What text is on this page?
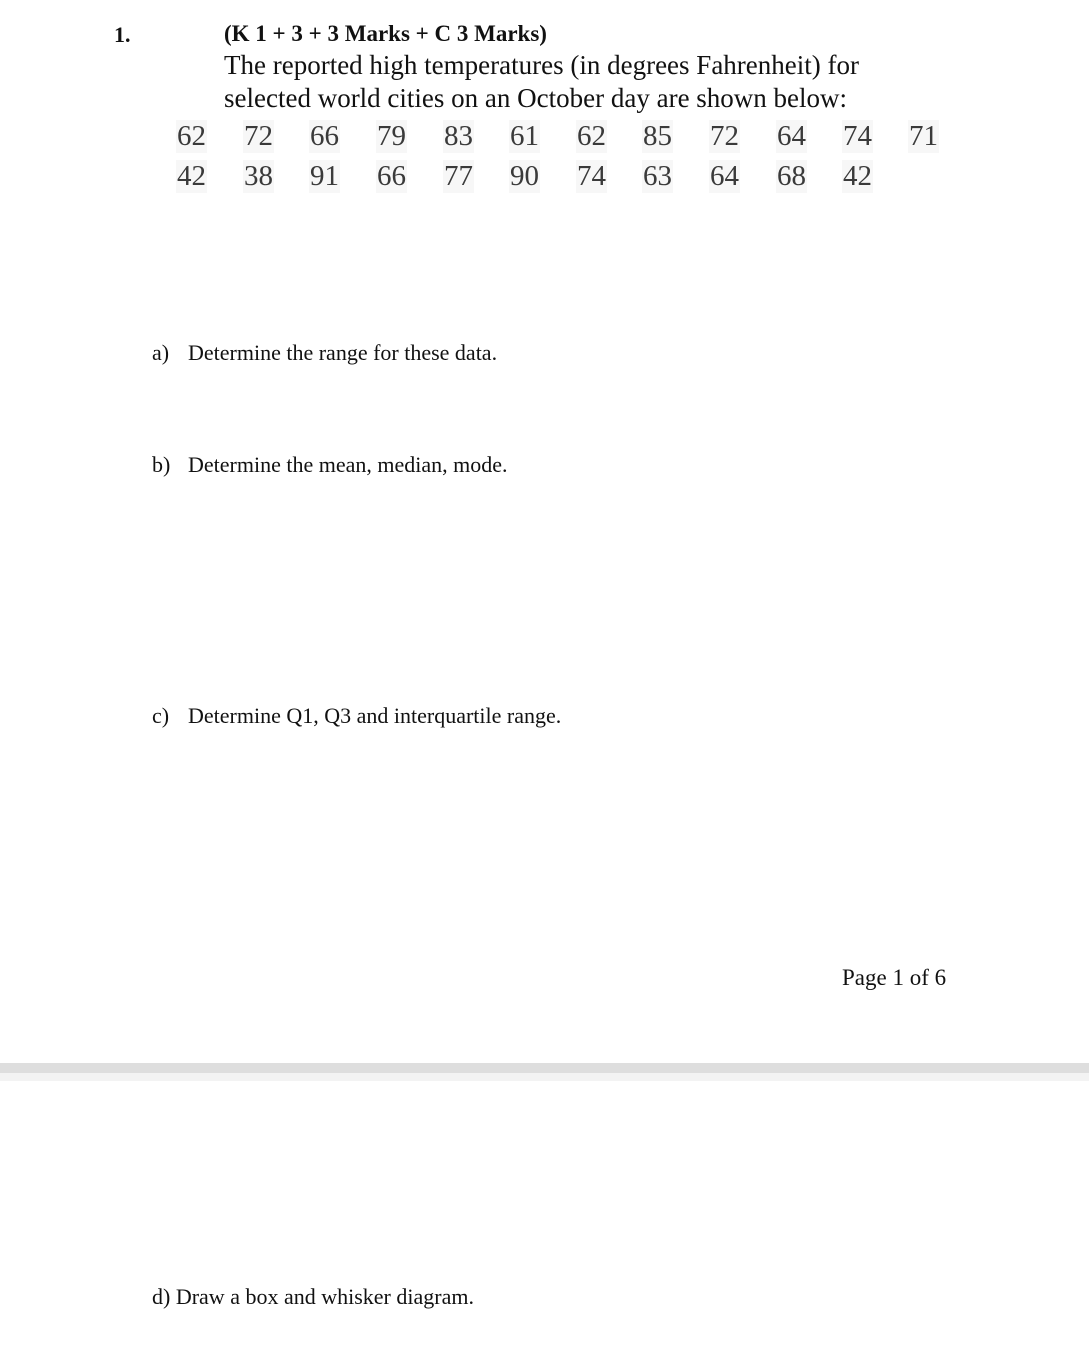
1.	(K 1 + 3 + 3 Marks + C 3 Marks)
The reported high temperatures (in degrees Fahrenheit) for
selected world cities on an October day are shown below:
62 72 66 79 83 61 62 85 72 64 74 71
42 38 91 66 77 90 74 63 64 68 42
a) Determine the range for these data.
b) Determine the mean, median, mode.
c) Determine Q1, Q3 and interquartile range.
Page 1 of 6
d) Draw a box and whisker diagram.
